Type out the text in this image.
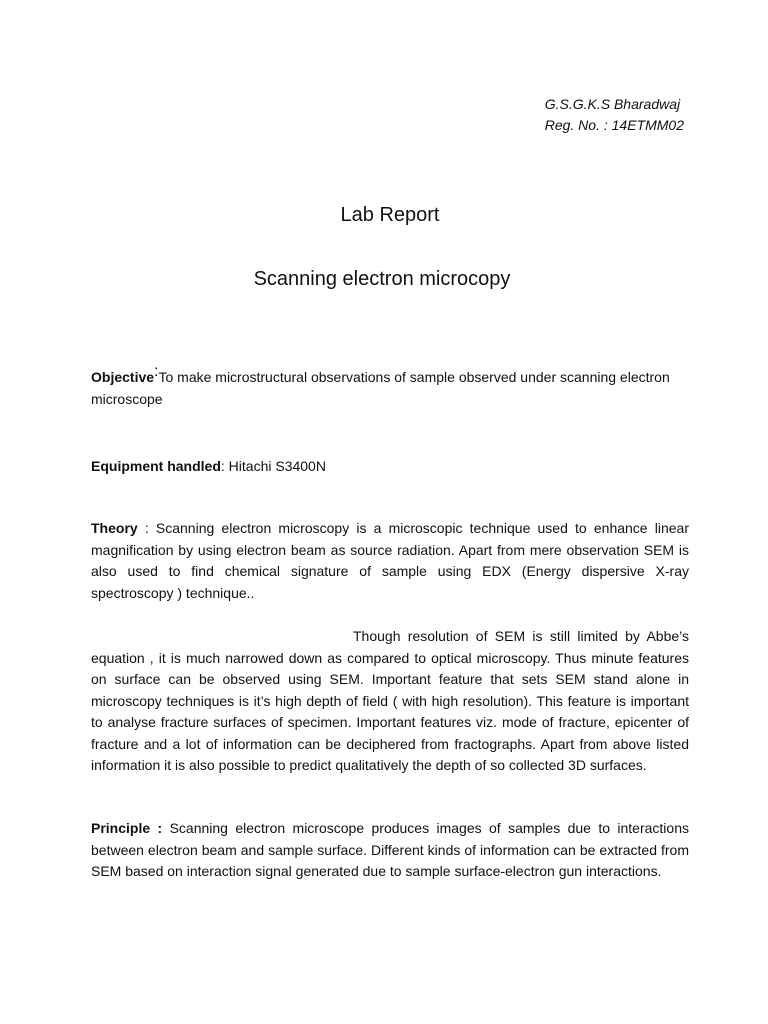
G.S.G.K.S Bharadwaj
Reg. No. : 14ETMM02
Lab Report
Scanning electron microcopy
Objective:To make microstructural observations of sample observed under scanning electron microscope
Equipment handled: Hitachi S3400N
Theory : Scanning electron microscopy is a microscopic technique used to enhance linear magnification by using electron beam as source radiation. Apart from mere observation SEM is also used to find chemical signature of sample using EDX (Energy dispersive X-ray spectroscopy ) technique..
Though resolution of SEM is still limited by Abbe’s equation , it is much narrowed down as compared to optical microscopy. Thus minute features on surface can be observed using SEM. Important feature that sets SEM stand alone in microscopy techniques is it’s high depth of field ( with high resolution). This feature is important to analyse fracture surfaces of specimen. Important features viz. mode of fracture, epicenter of fracture and a lot of information can be deciphered from fractographs. Apart from above listed information it is also possible to predict qualitatively the depth of so collected 3D surfaces.
Principle : Scanning electron microscope produces images of samples due to interactions between electron beam and sample surface. Different kinds of information can be extracted from SEM based on interaction signal generated due to sample surface-electron gun interactions.
